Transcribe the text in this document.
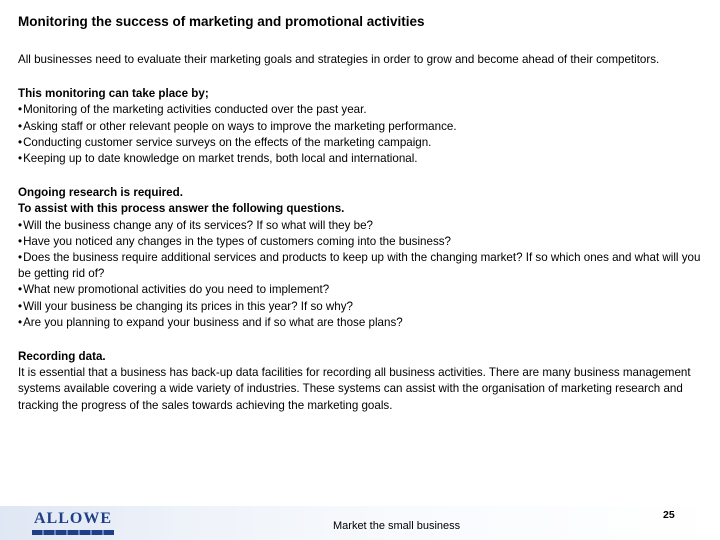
Monitoring the success of marketing and promotional activities

All businesses need to evaluate their marketing goals and strategies in order to grow and become ahead of their competitors.

This monitoring can take place by;

• Monitoring of the marketing activities conducted over the past year.

• Asking staff or other relevant people on ways to improve the marketing performance.

• Conducting customer service surveys on the effects of the marketing campaign.

• Keeping up to date knowledge on market trends, both local and international.

Ongoing research is required.

To assist with this process answer the following questions.

• Will the business change any of its services? If so what will they be?

• Have you noticed any changes in the types of customers coming into the business?

• Does the business require additional services and products to keep up with the changing market? If so which ones and what will you be getting rid of?

• What new promotional activities do you need to implement?

• Will your business be changing its prices in this year? If so why?

• Are you planning to expand your business and if so what are those plans?

Recording data.

It is essential that a business has back-up data facilities for recording all business activities. There are many business management systems available covering a wide variety of industries. These systems can assist with the organisation of marketing research and tracking the progress of the sales towards achieving the marketing goals.

ALLOWE	Market the small business
25
